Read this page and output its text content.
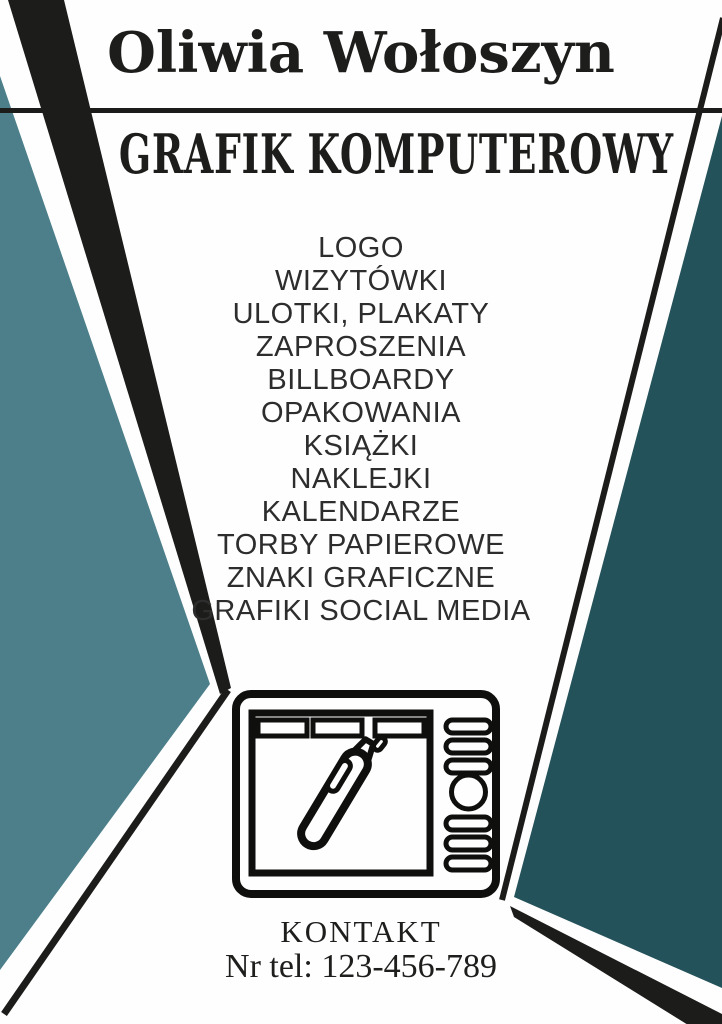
Oliwia Wołoszyn
GRAFIK KOMPUTEROWY
LOGO
WIZYTÓWKI
ULOTKI, PLAKATY
ZAPROSZENIA
BILLBOARDY
OPAKOWANIA
KSIĄŻKI
NAKLEJKI
KALENDARZE
TORBY PAPIEROWE
ZNAKI GRAFICZNE
GRAFIKI SOCIAL MEDIA
KONTAKT
Nr tel: 123-456-789
